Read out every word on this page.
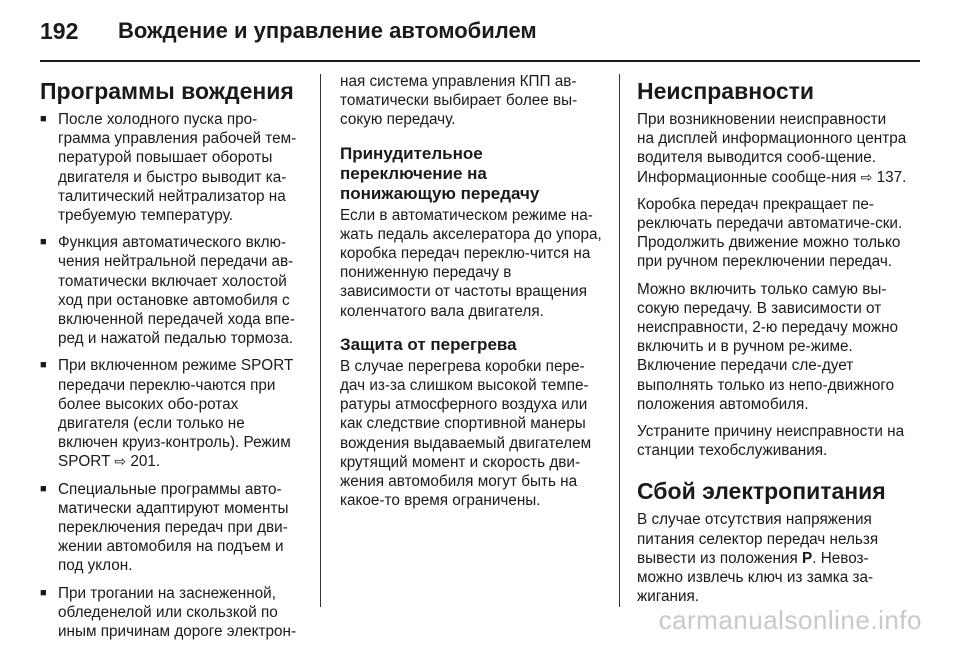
192	Вождение и управление автомобилем
Программы вождения
■ После холодного пуска про-грамма управления рабочей тем-пературой повышает обороты двигателя и быстро выводит ка-талитический нейтрализатор на требуемую температуру.
■ Функция автоматического вклю-чения нейтральной передачи ав-томатически включает холостой ход при остановке автомобиля с включенной передачей хода впе-ред и нажатой педалью тормоза.
■ При включенном режиме SPORT передачи переклю-чаются при более высоких обо-ротах двигателя (если только не включен круиз-контроль). Режим SPORT ⇨ 201.
■ Специальные программы авто-матически адаптируют моменты переключения передач при дви-жении автомобиля на подъем и под уклон.
■ При трогании на заснеженной, обледенелой или скользкой по иным причинам дороге электрон-

ная система управления КПП ав-томатически выбирает более вы-сокую передачу.

Принудительное
переключение на
понижающую передачу

Если в автоматическом режиме на-жать педаль акселератора до упора, коробка передач переклю-чится на пониженную передачу в зависимости от частоты вращения коленчатого вала двигателя.

Защита от перегрева

В случае перегрева коробки пере-дач из-за слишком высокой темпе-ратуры атмосферного воздуха или как следствие спортивной манеры вождения выдаваемый двигателем крутящий момент и скорость дви-жения автомобиля могут быть на какое-то время ограничены.

Неисправности

При возникновении неисправности на дисплей информационного центра водителя выводится сооб-щение. Информационные сообще-ния ⇨ 137.

Коробка передач прекращает пе-реключать передачи автоматиче-ски. Продолжить движение можно только при ручном переключении передач.

Можно включить только самую вы-сокую передачу. В зависимости от неисправности, 2-ю передачу можно включить и в ручном ре-жиме. Включение передачи сле-дует выполнять только из непо-движного положения автомобиля.

Устраните причину неисправности на станции техобслуживания.

Сбой электропитания

В случае отсутствия напряжения питания селектор передач нельзя вывести из положения P. Невоз-можно извлечь ключ из замка за-жигания.

carmanualsonline.info
